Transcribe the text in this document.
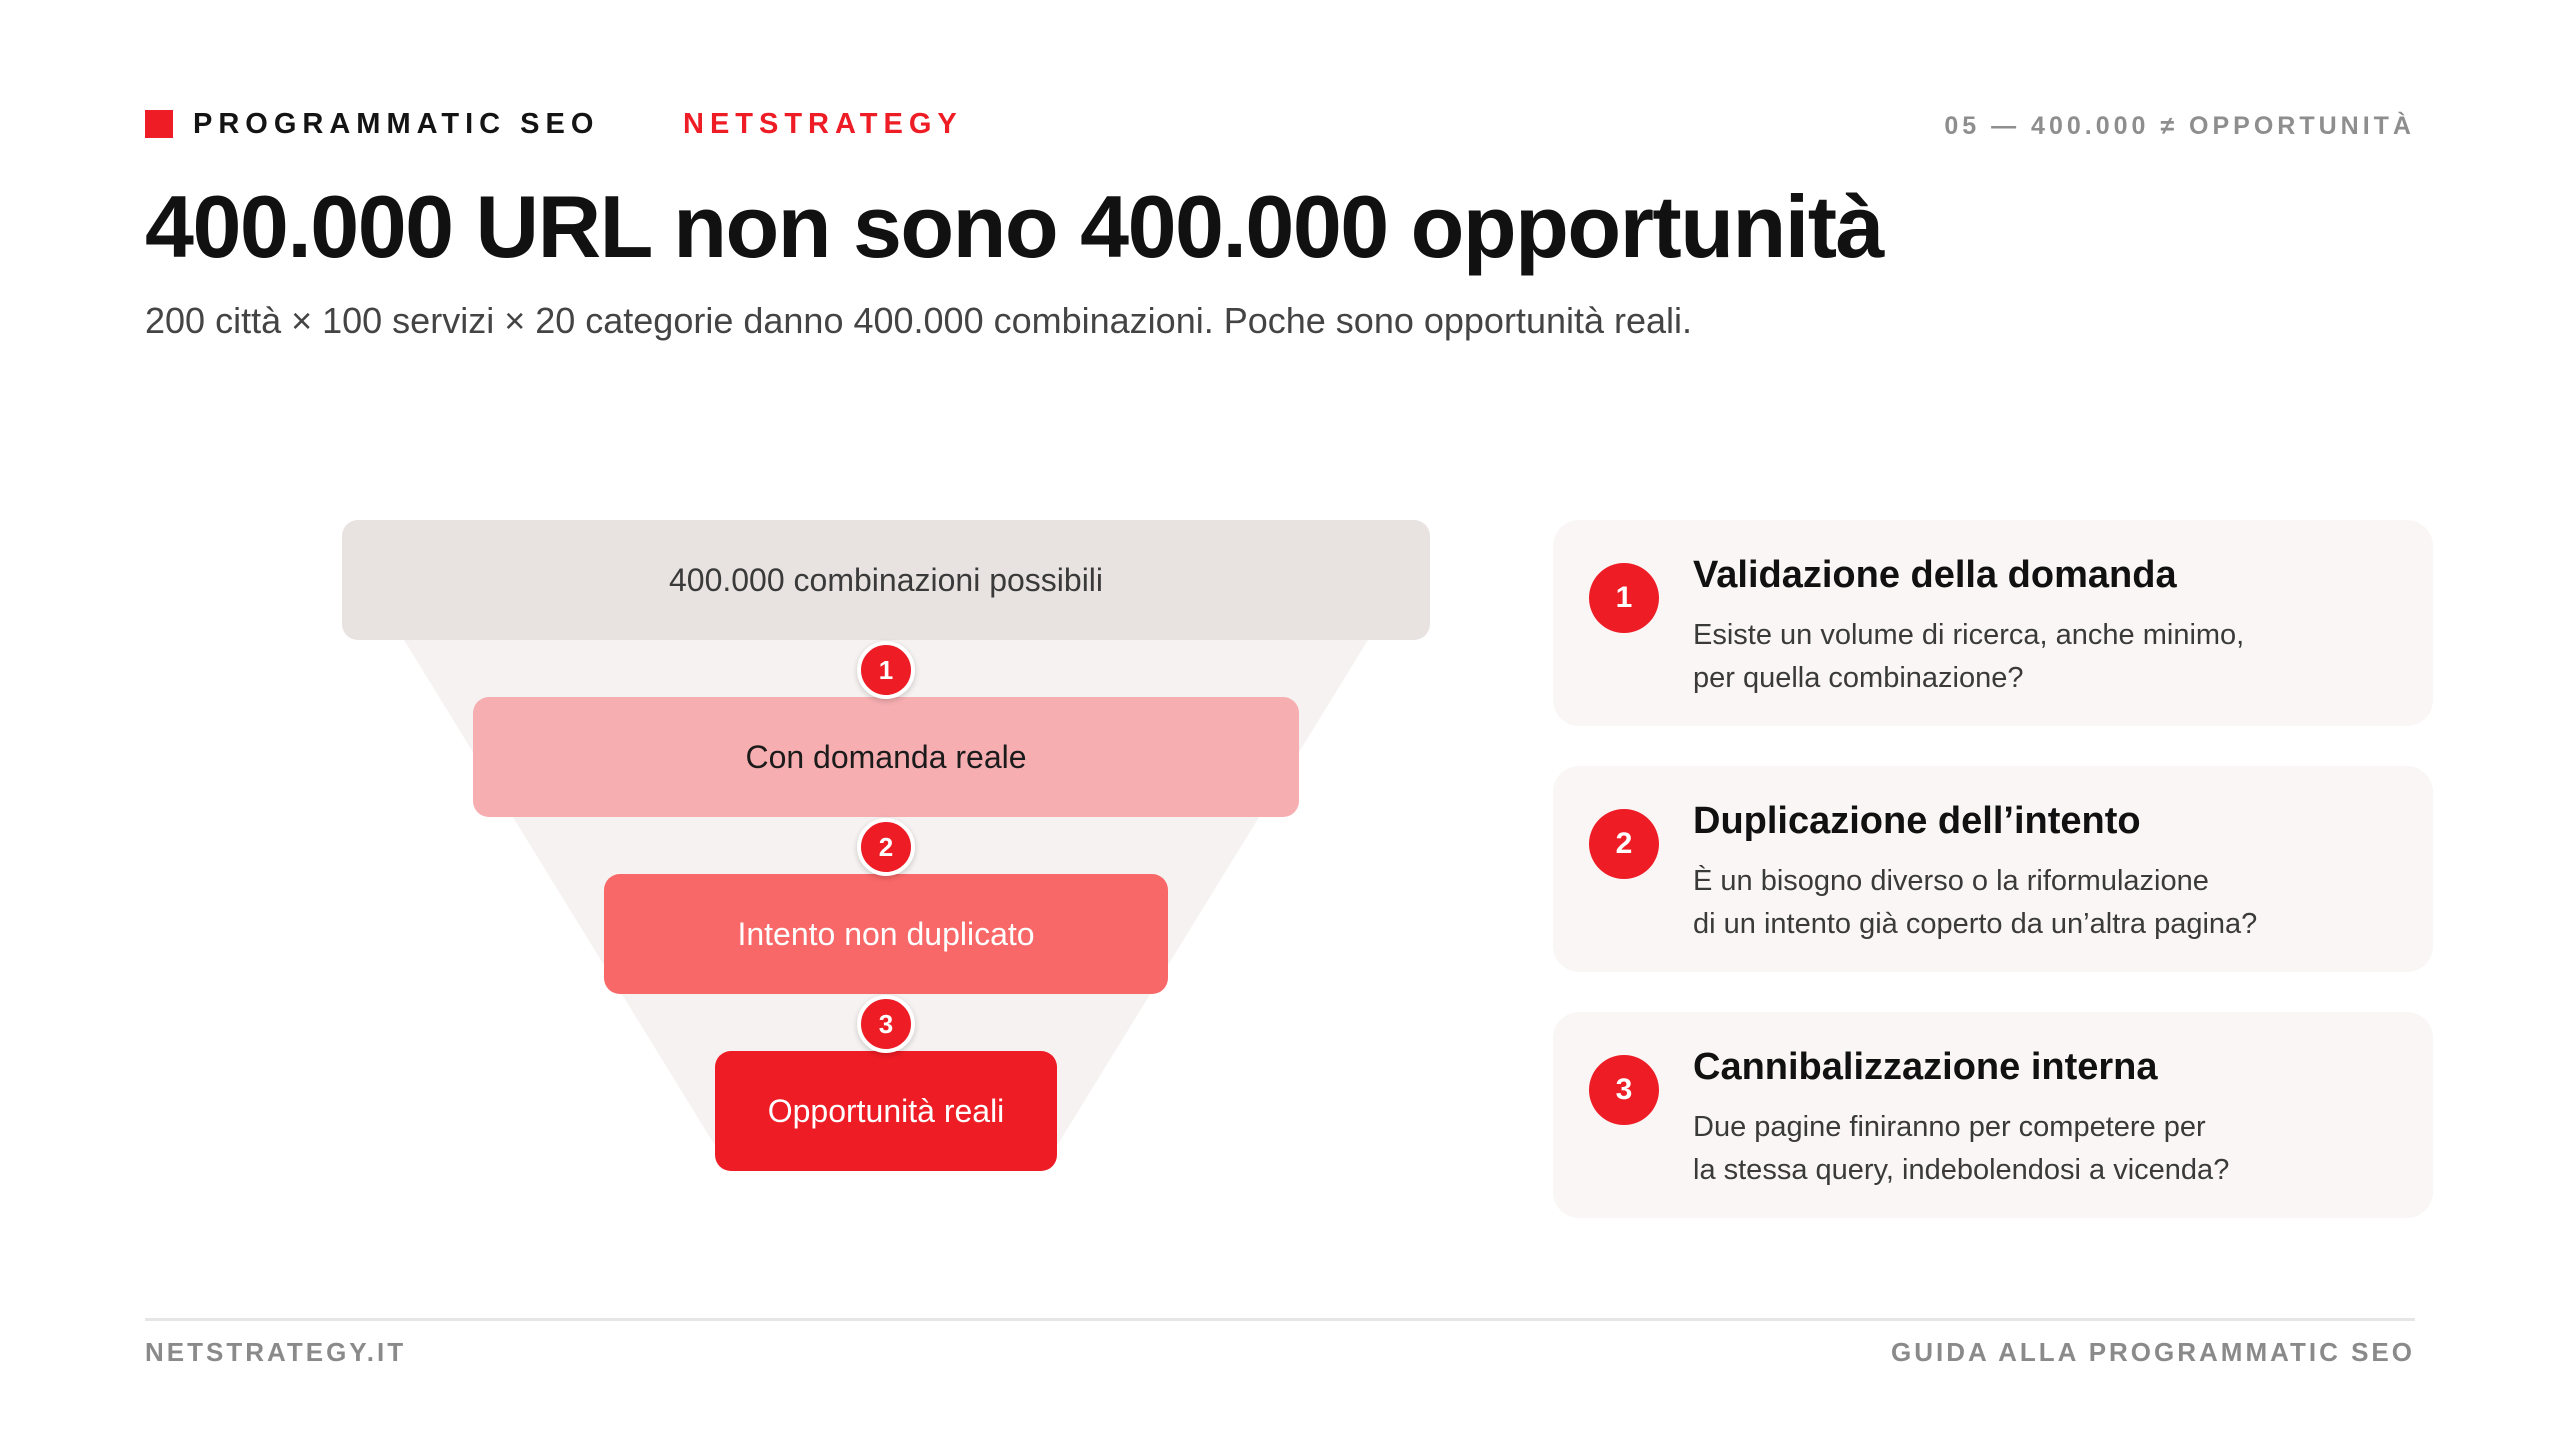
PROGRAMMATIC SEO	NETSTRATEGY	05 — 400.000 ≠ OPPORTUNITÀ
400.000 URL non sono 400.000 opportunità
200 città × 100 servizi × 20 categorie danno 400.000 combinazioni. Poche sono opportunità reali.
400.000 combinazioni possibili
Con domanda reale
Intento non duplicato
Opportunità reali
1
2
3
1
Validazione della domanda
Esiste un volume di ricerca, anche minimo,
per quella combinazione?
2
Duplicazione dell’intento
È un bisogno diverso o la riformulazione
di un intento già coperto da un’altra pagina?
3
Cannibalizzazione interna
Due pagine finiranno per competere per
la stessa query, indebolendosi a vicenda?
NETSTRATEGY.IT	GUIDA ALLA PROGRAMMATIC SEO
